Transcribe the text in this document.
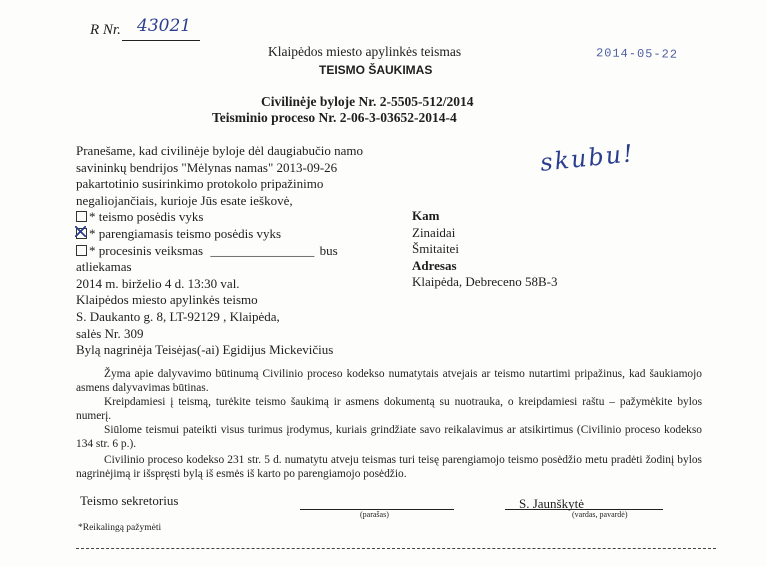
R Nr. 43021
2014-05-22
Klaipėdos miesto apylinkės teismas
TEISMO ŠAUKIMAS
Civilinėje byloje Nr. 2-5505-512/2014
Teisminio proceso Nr. 2-06-3-03652-2014-4
skubu!
Pranešame, kad civilinėje byloje dėl daugiabučio namo
savininkų bendrijos "Mėlynas namas" 2013-09-26
pakartotinio susirinkimo protokolo pripažinimo
negaliojančiais, kurioje Jūs esate ieškovė,
* teismo posėdis vyks
* parengiamasis teismo posėdis vyks
* procesinis veiksmas ________________ bus
atliekamas
2014 m. birželio 4 d. 13:30 val.
Klaipėdos miesto apylinkės teismo
S. Daukanto g. 8, LT-92129 , Klaipėda,
salės Nr. 309
Bylą nagrinėja Teisėjas(-ai) Egidijus Mickevičius
Kam
Zinaidai
Šmitaitei
Adresas
Klaipėda, Debreceno 58B-3
Žyma apie dalyvavimo būtinumą Civilinio proceso kodekso numatytais atvejais ar teismo nutartimi pripažinus, kad šaukiamojo asmens dalyvavimas būtinas.
Kreipdamiesi į teismą, turėkite teismo šaukimą ir asmens dokumentą su nuotrauka, o kreipdamiesi raštu – pažymėkite bylos numerį.
Siūlome teismui pateikti visus turimus įrodymus, kuriais grindžiate savo reikalavimus ar atsikirtimus (Civilinio proceso kodekso 134 str. 6 p.).
Civilinio proceso kodekso 231 str. 5 d. numatytu atveju teismas turi teisę parengiamojo teismo posėdžio metu pradėti žodinį bylos nagrinėjimą ir išspręsti bylą iš esmės iš karto po parengiamojo posėdžio.
Teismo sekretorius
(parašas)
S. Jaunškytė
(vardas, pavardė)
*Reikalingą pažymėti
